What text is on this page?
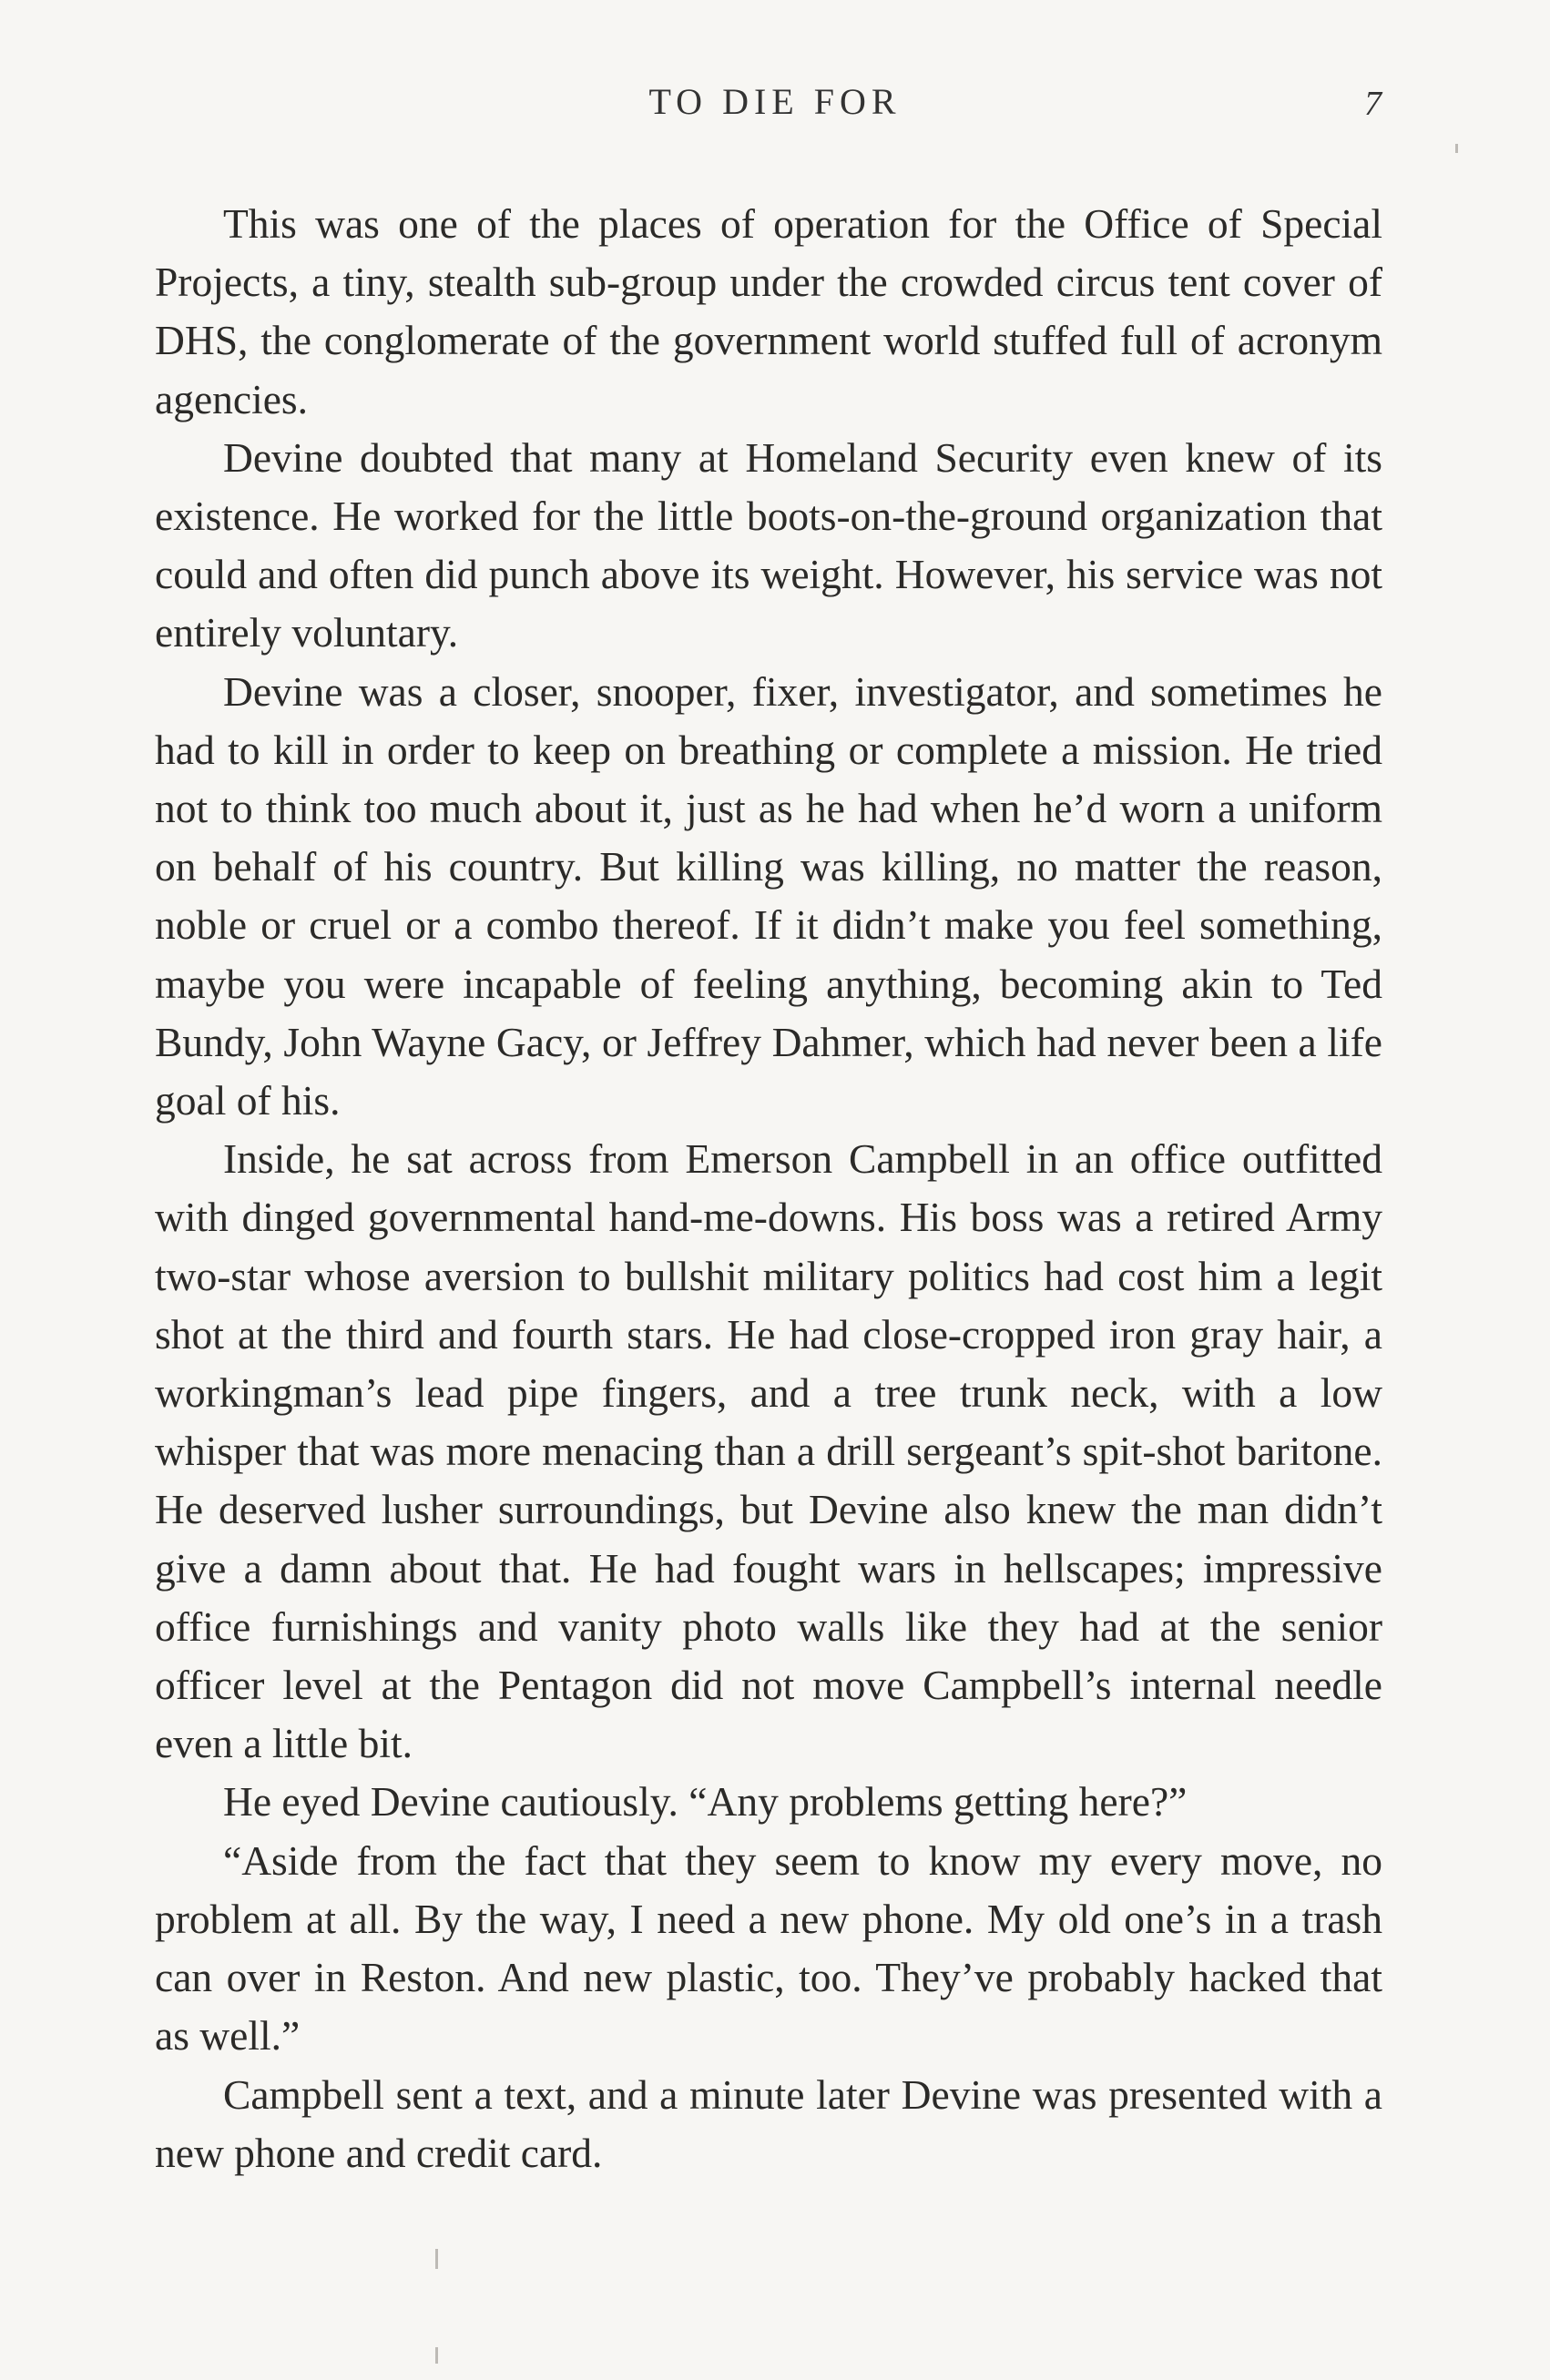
TO DIE FOR	7

This was one of the places of operation for the Office of Special Projects, a tiny, stealth sub-group under the crowded circus tent cover of DHS, the conglomerate of the government world stuffed full of acronym agencies.

Devine doubted that many at Homeland Security even knew of its existence. He worked for the little boots-on-the-ground organization that could and often did punch above its weight. However, his service was not entirely voluntary.

Devine was a closer, snooper, fixer, investigator, and sometimes he had to kill in order to keep on breathing or complete a mission. He tried not to think too much about it, just as he had when he’d worn a uniform on behalf of his country. But killing was killing, no matter the reason, noble or cruel or a combo thereof. If it didn’t make you feel something, maybe you were incapable of feeling anything, becoming akin to Ted Bundy, John Wayne Gacy, or Jeffrey Dahmer, which had never been a life goal of his.

Inside, he sat across from Emerson Campbell in an office outfitted with dinged governmental hand-me-downs. His boss was a retired Army two-star whose aversion to bullshit military politics had cost him a legit shot at the third and fourth stars. He had close-cropped iron gray hair, a workingman’s lead pipe fingers, and a tree trunk neck, with a low whisper that was more menacing than a drill sergeant’s spit-shot baritone. He deserved lusher surroundings, but Devine also knew the man didn’t give a damn about that. He had fought wars in hellscapes; impressive office furnishings and vanity photo walls like they had at the senior officer level at the Pentagon did not move Campbell’s internal needle even a little bit.

He eyed Devine cautiously. “Any problems getting here?”

“Aside from the fact that they seem to know my every move, no problem at all. By the way, I need a new phone. My old one’s in a trash can over in Reston. And new plastic, too. They’ve probably hacked that as well.”

Campbell sent a text, and a minute later Devine was presented with a new phone and credit card.
